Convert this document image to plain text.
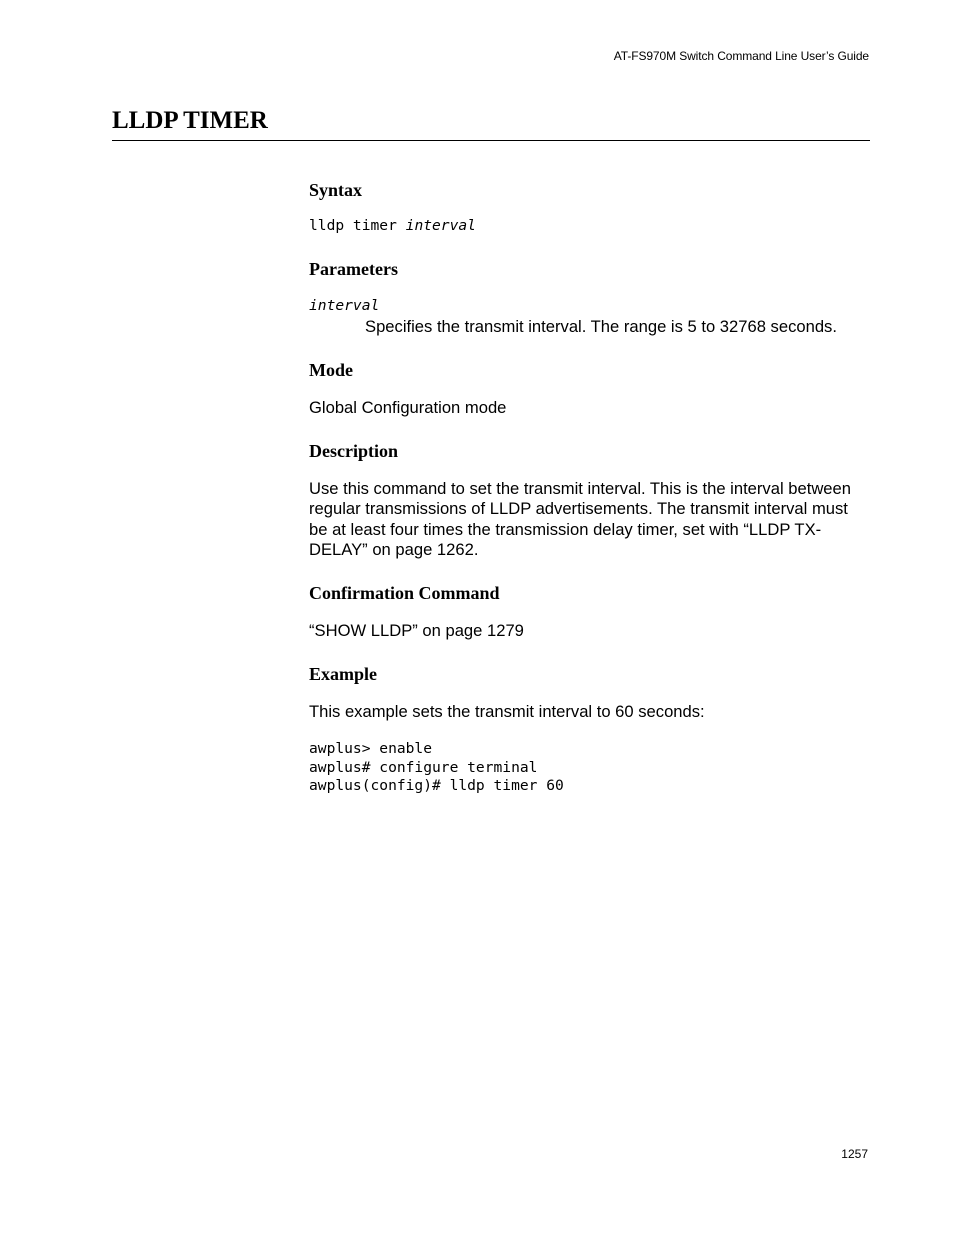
AT-FS970M Switch Command Line User’s Guide
LLDP TIMER
Syntax

lldp timer interval

Parameters

interval

Specifies the transmit interval. The range is 5 to 32768 seconds.

Mode

Global Configuration mode

Description
Use this command to set the transmit interval. This is the interval between
regular transmissions of LLDP advertisements. The transmit interval must
be at least four times the transmission delay timer, set with “LLDP TX-
DELAY” on page 1262.
Confirmation Command

“SHOW LLDP” on page 1279

Example

This example sets the transmit interval to 60 seconds:

awplus> enable
awplus# configure terminal
awplus(config)# lldp timer 60
1257
